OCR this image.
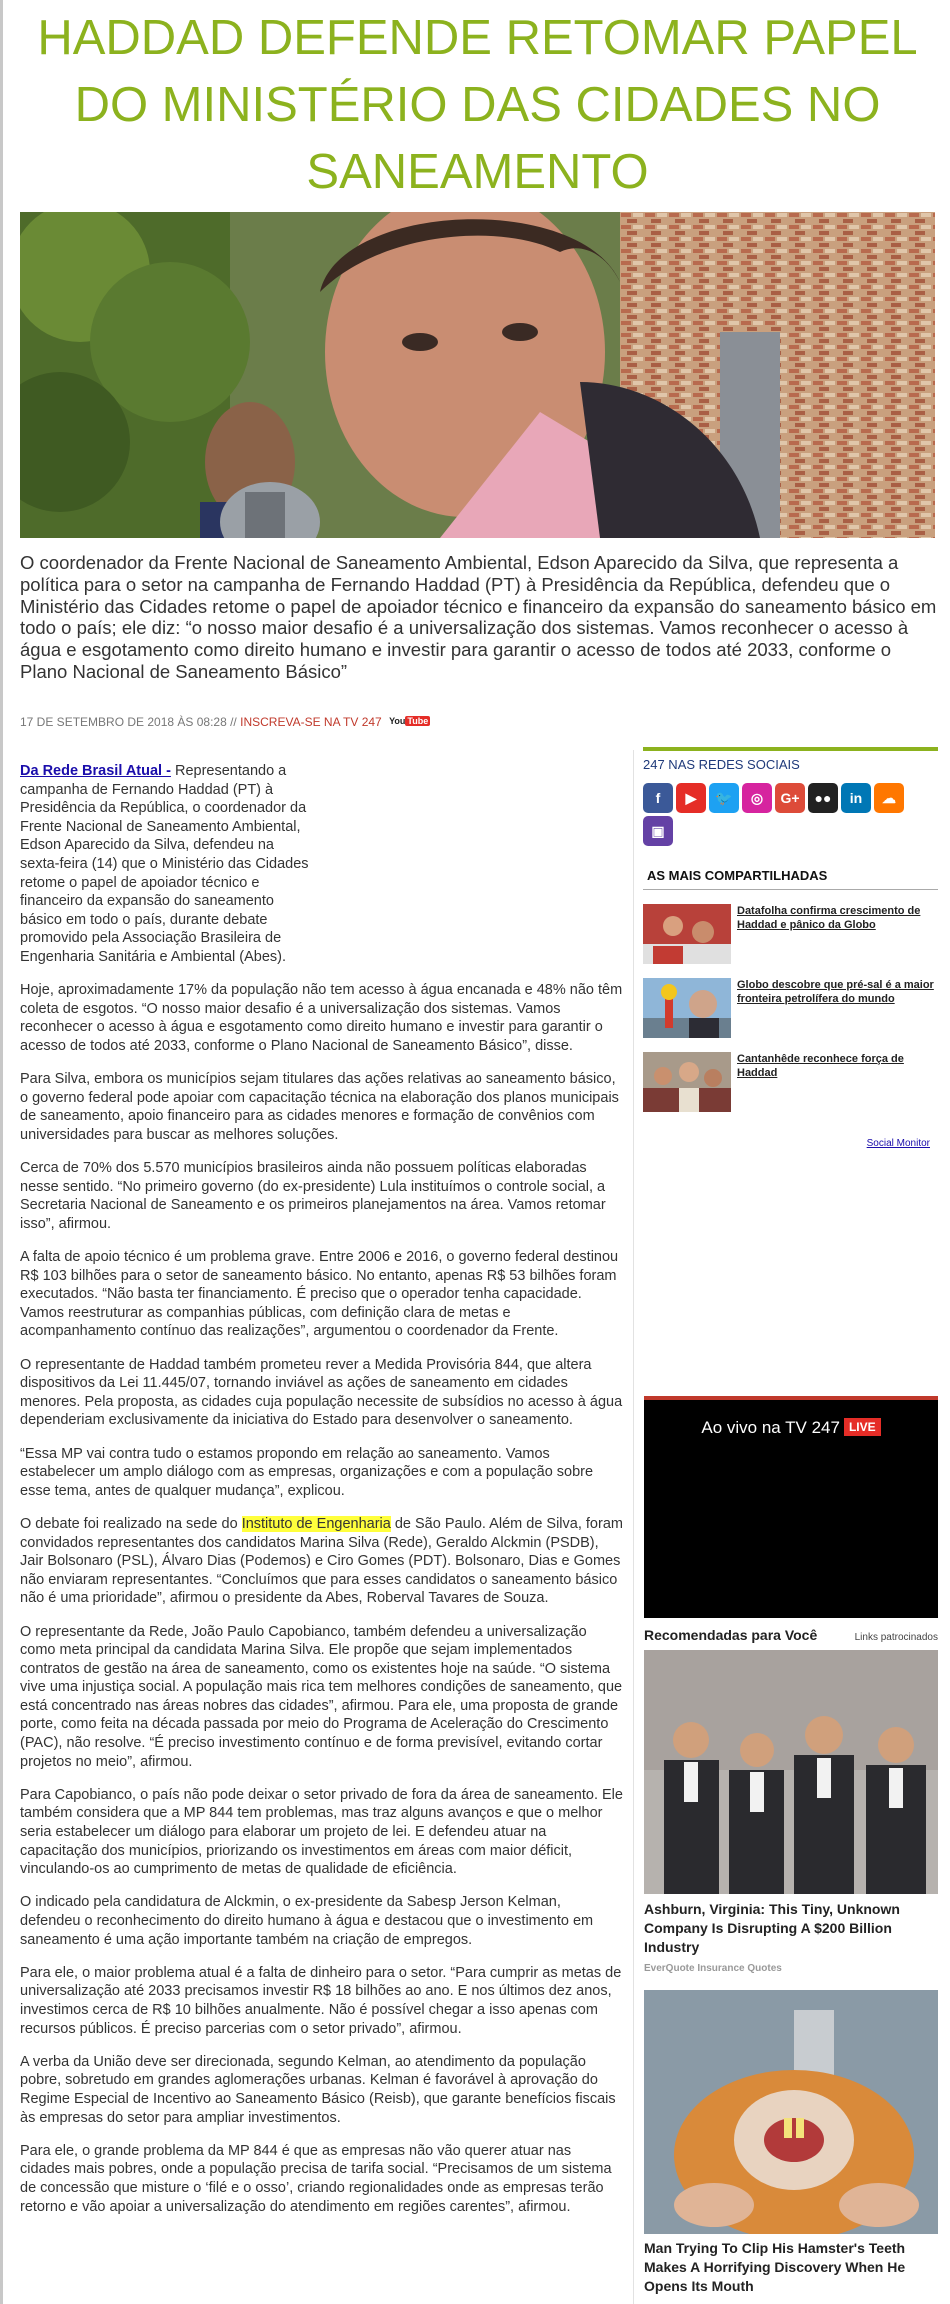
HADDAD DEFENDE RETOMAR PAPEL DO MINISTÉRIO DAS CIDADES NO SANEAMENTO

O coordenador da Frente Nacional de Saneamento Ambiental, Edson Aparecido da Silva, que representa a política para o setor na campanha de Fernando Haddad (PT) à Presidência da República, defendeu que o Ministério das Cidades retome o papel de apoiador técnico e financeiro da expansão do saneamento básico em todo o país; ele diz: “o nosso maior desafio é a universalização dos sistemas. Vamos reconhecer o acesso à água e esgotamento como direito humano e investir para garantir o acesso de todos até 2033, conforme o Plano Nacional de Saneamento Básico”

17 DE SETEMBRO DE 2018 ÀS 08:28 // INSCREVA-SE NA TV 247 You Tube

Da Rede Brasil Atual - Representando a campanha de Fernando Haddad (PT) à Presidência da República, o coordenador da Frente Nacional de Saneamento Ambiental, Edson Aparecido da Silva, defendeu na sexta-feira (14) que o Ministério das Cidades retome o papel de apoiador técnico e financeiro da expansão do saneamento básico em todo o país, durante debate promovido pela Associação Brasileira de Engenharia Sanitária e Ambiental (Abes).

Hoje, aproximadamente 17% da população não tem acesso à água encanada e 48% não têm coleta de esgotos. “O nosso maior desafio é a universalização dos sistemas. Vamos reconhecer o acesso à água e esgotamento como direito humano e investir para garantir o acesso de todos até 2033, conforme o Plano Nacional de Saneamento Básico”, disse.

Para Silva, embora os municípios sejam titulares das ações relativas ao saneamento básico, o governo federal pode apoiar com capacitação técnica na elaboração dos planos municipais de saneamento, apoio financeiro para as cidades menores e formação de convênios com universidades para buscar as melhores soluções.

Cerca de 70% dos 5.570 municípios brasileiros ainda não possuem políticas elaboradas nesse sentido. “No primeiro governo (do ex-presidente) Lula instituímos o controle social, a Secretaria Nacional de Saneamento e os primeiros planejamentos na área. Vamos retomar isso”, afirmou.

A falta de apoio técnico é um problema grave. Entre 2006 e 2016, o governo federal destinou R$ 103 bilhões para o setor de saneamento básico. No entanto, apenas R$ 53 bilhões foram executados. “Não basta ter financiamento. É preciso que o operador tenha capacidade. Vamos reestruturar as companhias públicas, com definição clara de metas e acompanhamento contínuo das realizações”, argumentou o coordenador da Frente.

O representante de Haddad também prometeu rever a Medida Provisória 844, que altera dispositivos da Lei 11.445/07, tornando inviável as ações de saneamento em cidades menores. Pela proposta, as cidades cuja população necessite de subsídios no acesso à água dependeriam exclusivamente da iniciativa do Estado para desenvolver o saneamento.

“Essa MP vai contra tudo o estamos propondo em relação ao saneamento. Vamos estabelecer um amplo diálogo com as empresas, organizações e com a população sobre esse tema, antes de qualquer mudança”, explicou.

O debate foi realizado na sede do Instituto de Engenharia de São Paulo. Além de Silva, foram convidados representantes dos candidatos Marina Silva (Rede), Geraldo Alckmin (PSDB), Jair Bolsonaro (PSL), Álvaro Dias (Podemos) e Ciro Gomes (PDT). Bolsonaro, Dias e Gomes não enviaram representantes. “Concluímos que para esses candidatos o saneamento básico não é uma prioridade”, afirmou o presidente da Abes, Roberval Tavares de Souza.

O representante da Rede, João Paulo Capobianco, também defendeu a universalização como meta principal da candidata Marina Silva. Ele propõe que sejam implementados contratos de gestão na área de saneamento, como os existentes hoje na saúde. “O sistema vive uma injustiça social. A população mais rica tem melhores condições de saneamento, que está concentrado nas áreas nobres das cidades”, afirmou. Para ele, uma proposta de grande porte, como feita na década passada por meio do Programa de Aceleração do Crescimento (PAC), não resolve. “É preciso investimento contínuo e de forma previsível, evitando cortar projetos no meio”, afirmou.

Para Capobianco, o país não pode deixar o setor privado de fora da área de saneamento. Ele também considera que a MP 844 tem problemas, mas traz alguns avanços e que o melhor seria estabelecer um diálogo para elaborar um projeto de lei. E defendeu atuar na capacitação dos municípios, priorizando os investimentos em áreas com maior déficit, vinculando-os ao cumprimento de metas de qualidade de eficiência.

O indicado pela candidatura de Alckmin, o ex-presidente da Sabesp Jerson Kelman, defendeu o reconhecimento do direito humano à água e destacou que o investimento em saneamento é uma ação importante também na criação de empregos.

Para ele, o maior problema atual é a falta de dinheiro para o setor. “Para cumprir as metas de universalização até 2033 precisamos investir R$ 18 bilhões ao ano. E nos últimos dez anos, investimos cerca de R$ 10 bilhões anualmente. Não é possível chegar a isso apenas com recursos públicos. É preciso parcerias com o setor privado”, afirmou.

A verba da União deve ser direcionada, segundo Kelman, ao atendimento da população pobre, sobretudo em grandes aglomerações urbanas. Kelman é favorável à aprovação do Regime Especial de Incentivo ao Saneamento Básico (Reisb), que garante benefícios fiscais às empresas do setor para ampliar investimentos.

Para ele, o grande problema da MP 844 é que as empresas não vão querer atuar nas cidades mais pobres, onde a população precisa de tarifa social. “Precisamos de um sistema de concessão que misture o ‘filé e o osso’, criando regionalidades onde as empresas terão retorno e vão apoiar a universalização do atendimento em regiões carentes”, afirmou.

247 NAS REDES SOCIAIS
f	▶	🐦	◎	G+	●●	in	☁
▣
AS MAIS COMPARTILHADAS
Datafolha confirma crescimento de Haddad e pânico da Globo
Globo descobre que pré-sal é a maior fronteira petrolífera do mundo
Cantanhêde reconhece força de Haddad
Social Monitor
Ao vivo na TV 247 LIVE
Recomendadas para Você	Links patrocinados
Ashburn, Virginia: This Tiny, Unknown Company Is Disrupting A $200 Billion Industry
EverQuote Insurance Quotes
Man Trying To Clip His Hamster's Teeth Makes A Horrifying Discovery When He Opens Its Mouth
